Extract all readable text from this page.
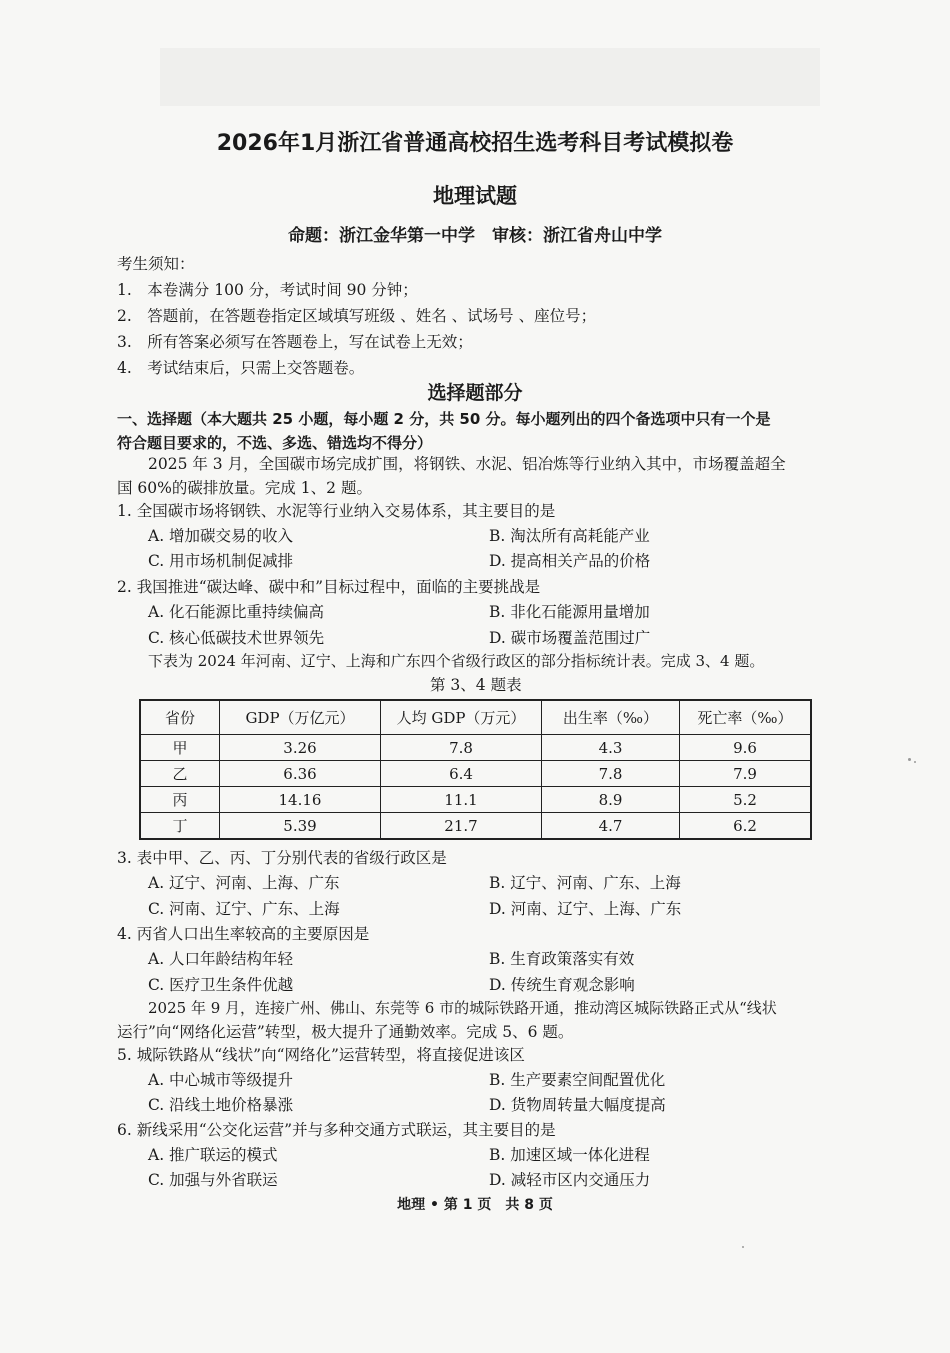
2026年1月浙江省普通高校招生选考科目考试模拟卷
地理试题
命题：浙江金华第一中学　审核：浙江省舟山中学
考生须知：
1.　本卷满分 100 分，考试时间 90 分钟；
2.　答题前，在答题卷指定区域填写班级 、姓名 、试场号 、座位号；
3.　所有答案必须写在答题卷上，写在试卷上无效；
4.　考试结束后，只需上交答题卷。
选择题部分
一、选择题（本大题共 25 小题，每小题 2 分，共 50 分。每小题列出的四个备选项中只有一个是
符合题目要求的，不选、多选、错选均不得分）
2025 年 3 月，全国碳市场完成扩围，将钢铁、水泥、铝冶炼等行业纳入其中，市场覆盖超全
国 60%的碳排放量。完成 1、2 题。
1. 全国碳市场将钢铁、水泥等行业纳入交易体系，其主要目的是
A. 增加碳交易的收入	B. 淘汰所有高耗能产业
C. 用市场机制促减排	D. 提高相关产品的价格
2. 我国推进“碳达峰、碳中和”目标过程中，面临的主要挑战是
A. 化石能源比重持续偏高	B. 非化石能源用量增加
C. 核心低碳技术世界领先	D. 碳市场覆盖范围过广
下表为 2024 年河南、辽宁、上海和广东四个省级行政区的部分指标统计表。完成 3、4 题。
第 3、4 题表
省份	GDP（万亿元）	人均 GDP（万元）	出生率（‰）	死亡率（‰）
甲	3.26	7.8	4.3	9.6
乙	6.36	6.4	7.8	7.9
丙	14.16	11.1	8.9	5.2
丁	5.39	21.7	4.7	6.2
3. 表中甲、乙、丙、丁分别代表的省级行政区是
A. 辽宁、河南、上海、广东	B. 辽宁、河南、广东、上海
C. 河南、辽宁、广东、上海	D. 河南、辽宁、上海、广东
4. 丙省人口出生率较高的主要原因是
A. 人口年龄结构年轻	B. 生育政策落实有效
C. 医疗卫生条件优越	D. 传统生育观念影响
2025 年 9 月，连接广州、佛山、东莞等 6 市的城际铁路开通，推动湾区城际铁路正式从“线状
运行”向“网络化运营”转型，极大提升了通勤效率。完成 5、6 题。
5. 城际铁路从“线状”向“网络化”运营转型，将直接促进该区
A. 中心城市等级提升	B. 生产要素空间配置优化
C. 沿线土地价格暴涨	D. 货物周转量大幅度提高
6. 新线采用“公交化运营”并与多种交通方式联运，其主要目的是
A. 推广联运的模式	B. 加速区域一体化进程
C. 加强与外省联运	D. 减轻市区内交通压力
地理 • 第 1 页　共 8 页
